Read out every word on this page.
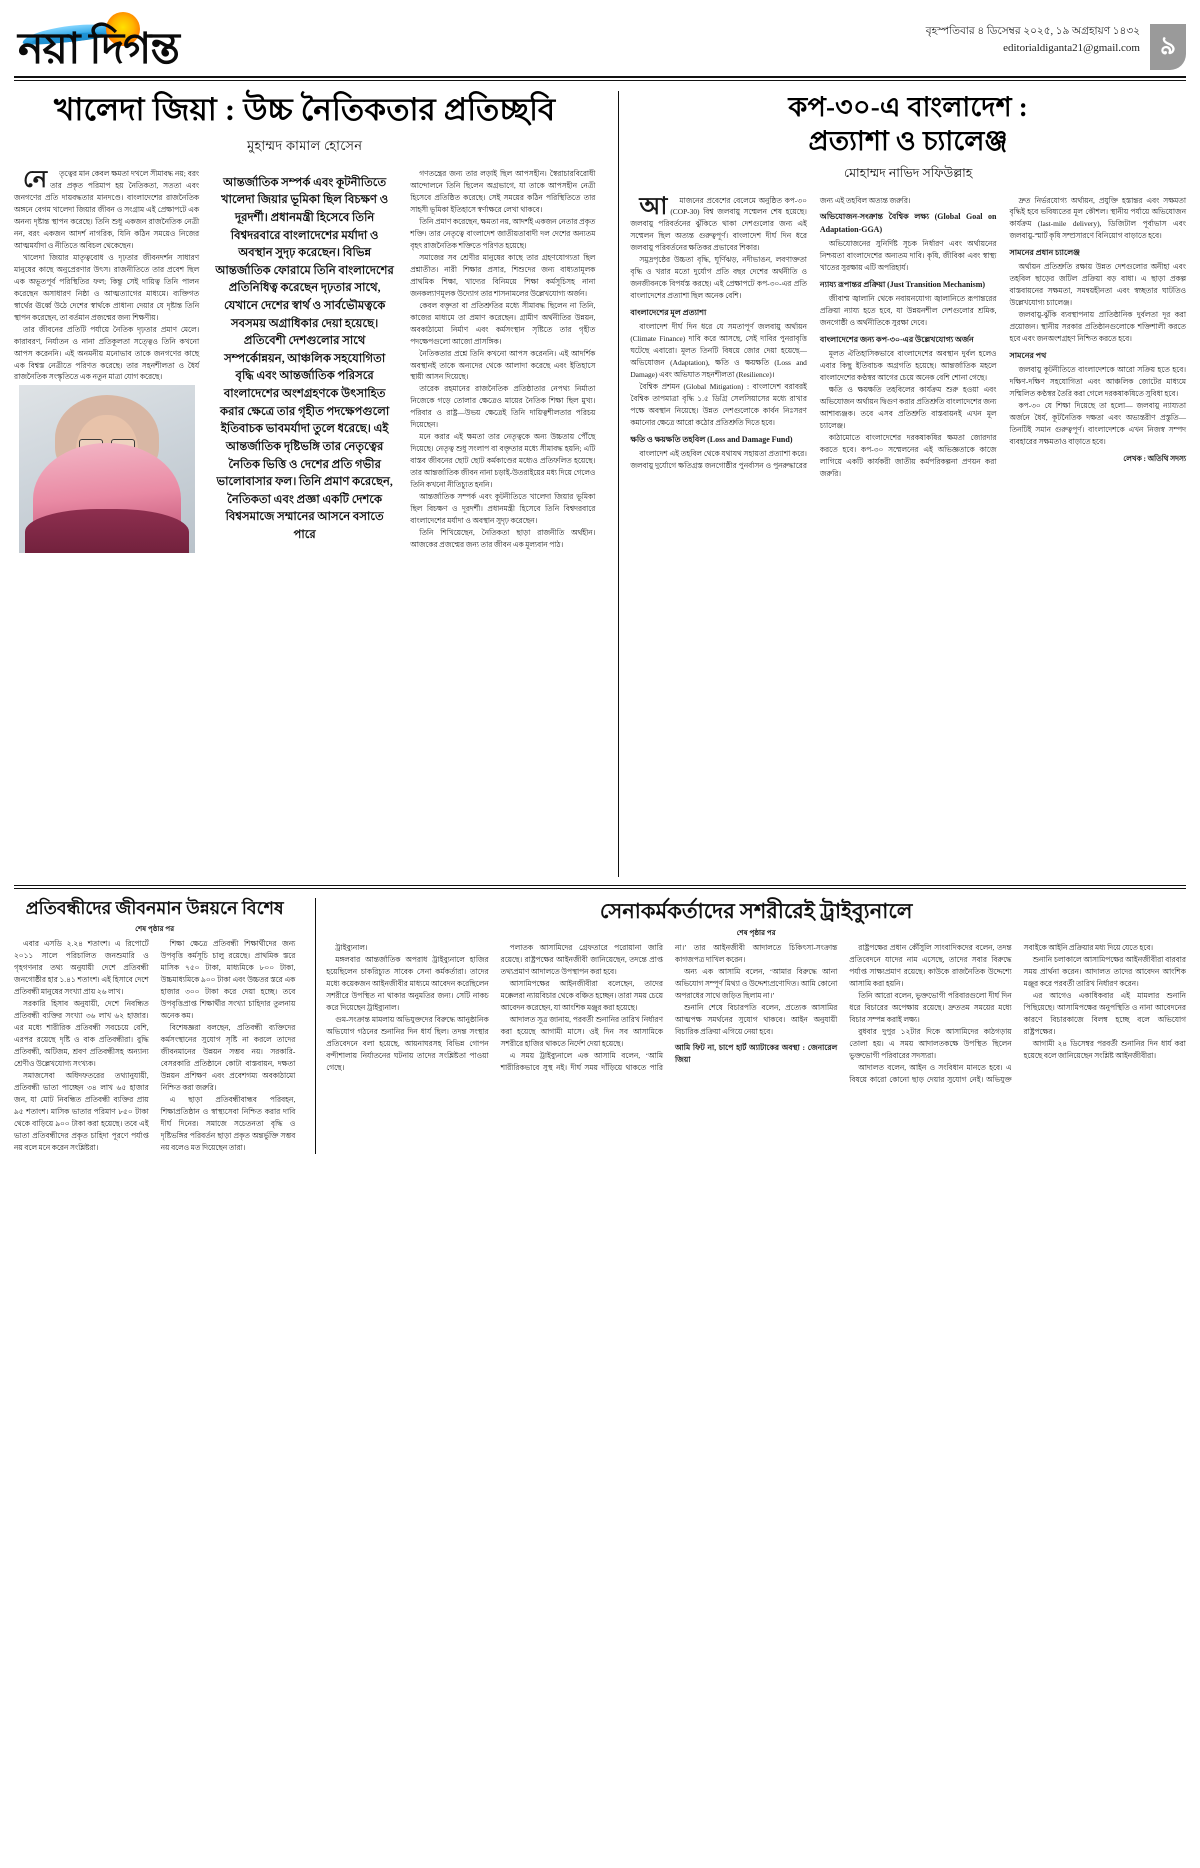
নয়া দিগন্ত	বৃহস্পতিবার ৪ ডিসেম্বর ২০২৫, ১৯ অগ্রহায়ণ ১৪৩২
editorialdiganta21@gmail.com ৯
খালেদা জিয়া : উচ্চ নৈতিকতার প্রতিচ্ছবি
মুহাম্মদ কামাল হোসেন

নেতৃত্বের মান কেবল ক্ষমতা দখলে সীমাবদ্ধ নয়; বরং তার প্রকৃত পরিমাপ হয় নৈতিকতা, সততা এবং জনগণের প্রতি দায়বদ্ধতার মানদণ্ডে। বাংলাদেশের রাজনৈতিক অঙ্গনে বেগম খালেদা জিয়ার জীবন ও সংগ্রাম এই প্রেক্ষাপটে এক অনন্য দৃষ্টান্ত স্থাপন করেছে। তিনি শুধু একজন রাজনৈতিক নেত্রী নন, বরং একজন আদর্শ নাগরিক, যিনি কঠিন সময়েও নিজের আত্মমর্যাদা ও নীতিতে অবিচল থেকেছেন।

খালেদা জিয়ার মাতৃত্ববোধ ও দৃঢ়তার জীবনদর্শন সাধারণ মানুষের কাছে অনুপ্রেরণার উৎস। রাজনীতিতে তার প্রবেশ ছিল এক অভূতপূর্ব পরিস্থিতির ফল; কিন্তু সেই দায়িত্ব তিনি পালন করেছেন অসাধারণ নিষ্ঠা ও আত্মত্যাগের মাধ্যমে। ব্যক্তিগত স্বার্থের ঊর্ধ্বে উঠে দেশের স্বার্থকে প্রাধান্য দেয়ার যে দৃষ্টান্ত তিনি স্থাপন করেছেন, তা বর্তমান প্রজন্মের জন্য শিক্ষণীয়।

তার জীবনের প্রতিটি পর্যায়ে নৈতিক দৃঢ়তার প্রমাণ মেলে। কারাবরণ, নির্যাতন ও নানা প্রতিকূলতা সত্ত্বেও তিনি কখনো আপস করেননি। এই অনমনীয় মনোভাব তাকে জনগণের কাছে এক বিশ্বস্ত নেত্রীতে পরিণত করেছে। তার সহনশীলতা ও ধৈর্য রাজনৈতিক সংস্কৃতিতে এক নতুন মাত্রা যোগ করেছে।

আন্তর্জাতিক সম্পর্ক এবং কূটনীতিতে খালেদা জিয়ার ভূমিকা ছিল বিচক্ষণ ও দূরদর্শী। প্রধানমন্ত্রী হিসেবে তিনি বিশ্বদরবারে বাংলাদেশের মর্যাদা ও অবস্থান সুদৃঢ় করেছেন। বিভিন্ন আন্তর্জাতিক ফোরামে তিনি বাংলাদেশের প্রতিনিধিত্ব করেছেন দৃঢ়তার সাথে, যেখানে দেশের স্বার্থ ও সার্বভৌমত্বকে সবসময় অগ্রাধিকার দেয়া হয়েছে। প্রতিবেশী দেশগুলোর সাথে সম্পর্কোন্নয়ন, আঞ্চলিক সহযোগিতা বৃদ্ধি এবং আন্তর্জাতিক পরিসরে বাংলাদেশের অংশগ্রহণকে উৎসাহিত করার ক্ষেত্রে তার গৃহীত পদক্ষেপগুলো ইতিবাচক ভাবমর্যাদা তুলে ধরেছে। এই আন্তর্জাতিক দৃষ্টিভঙ্গি তার নেতৃত্বের নৈতিক ভিত্তি ও দেশের প্রতি গভীর ভালোবাসার ফল। তিনি প্রমাণ করেছেন, নৈতিকতা এবং প্রজ্ঞা একটি দেশকে বিশ্বসমাজে সম্মানের আসনে বসাতে পারে

গণতন্ত্রের জন্য তার লড়াই ছিল আপসহীন। স্বৈরাচারবিরোধী আন্দোলনে তিনি ছিলেন অগ্রভাগে, যা তাকে আপসহীন নেত্রী হিসেবে প্রতিষ্ঠিত করেছে। সেই সময়ের কঠিন পরিস্থিতিতে তার সাহসী ভূমিকা ইতিহাসে স্বর্ণাক্ষরে লেখা থাকবে।

তিনি প্রমাণ করেছেন, ক্ষমতা নয়, আদর্শই একজন নেতার প্রকৃত শক্তি। তার নেতৃত্বে বাংলাদেশ জাতীয়তাবাদী দল দেশের অন্যতম বৃহৎ রাজনৈতিক শক্তিতে পরিণত হয়েছে।

সমাজের সব শ্রেণীর মানুষের কাছে তার গ্রহণযোগ্যতা ছিল প্রশ্নাতীত। নারী শিক্ষার প্রসার, শিশুদের জন্য বাধ্যতামূলক প্রাথমিক শিক্ষা, খাদ্যের বিনিময়ে শিক্ষা কর্মসূচিসহ নানা জনকল্যাণমূলক উদ্যোগ তার শাসনামলের উল্লেখযোগ্য অর্জন।

কেবল বক্তৃতা বা প্রতিশ্রুতির মধ্যে সীমাবদ্ধ ছিলেন না তিনি, কাজের মাধ্যমে তা প্রমাণ করেছেন। গ্রামীণ অর্থনীতির উন্নয়ন, অবকাঠামো নির্মাণ এবং কর্মসংস্থান সৃষ্টিতে তার গৃহীত পদক্ষেপগুলো আজো প্রাসঙ্গিক।

নৈতিকতার প্রশ্নে তিনি কখনো আপস করেননি। এই আদর্শিক অবস্থানই তাকে অন্যদের থেকে আলাদা করেছে এবং ইতিহাসে স্থায়ী আসন দিয়েছে।

তারেক রহমানের রাজনৈতিক প্রতিষ্ঠাতার নেপথ্য নির্মাতা নিজেকে গড়ে তোলার ক্ষেত্রেও মায়ের নৈতিক শিক্ষা ছিল মুখ্য। পরিবার ও রাষ্ট্র—উভয় ক্ষেত্রেই তিনি দায়িত্বশীলতার পরিচয় দিয়েছেন।

মনে করার এই ক্ষমতা তার নেতৃত্বকে অন্য উচ্চতায় পৌঁছে দিয়েছে। নেতৃত্ব শুধু সংলাপ বা বক্তৃতার মধ্যে সীমাবদ্ধ হয়নি; এটি বাস্তব জীবনের ছোট ছোট কর্মকাণ্ডের মধ্যেও প্রতিফলিত হয়েছে। তার আন্তর্জাতিক জীবন নানা চড়াই-উতরাইয়ের মধ্য দিয়ে গেলেও তিনি কখনো নীতিচ্যুত হননি।

আন্তর্জাতিক সম্পর্ক এবং কূটনীতিতে খালেদা জিয়ার ভূমিকা ছিল বিচক্ষণ ও দূরদর্শী। প্রধানমন্ত্রী হিসেবে তিনি বিশ্বদরবারে বাংলাদেশের মর্যাদা ও অবস্থান সুদৃঢ় করেছেন।

তিনি শিখিয়েছেন, নৈতিকতা ছাড়া রাজনীতি অর্থহীন। আজকের প্রজন্মের জন্য তার জীবন এক মূল্যবান পাঠ।

কপ-৩০-এ বাংলাদেশ :
প্রত্যাশা ও চ্যালেঞ্জ
মোহাম্মদ নাভিদ সফিউল্লাহ

আমাজনের প্রবেশের বেলেমে অনুষ্ঠিত কপ-৩০ (COP-30) বিশ্ব জলবায়ু সম্মেলন শেষ হয়েছে। জলবায়ু পরিবর্তনের ঝুঁকিতে থাকা দেশগুলোর জন্য এই সম্মেলন ছিল অত্যন্ত গুরুত্বপূর্ণ। বাংলাদেশ দীর্ঘ দিন ধরে জলবায়ু পরিবর্তনের ক্ষতিকর প্রভাবের শিকার।

সমুদ্রপৃষ্ঠের উচ্চতা বৃদ্ধি, ঘূর্ণিঝড়, নদীভাঙন, লবণাক্ততা বৃদ্ধি ও খরার মতো দুর্যোগ প্রতি বছর দেশের অর্থনীতি ও জনজীবনকে বিপর্যস্ত করছে। এই প্রেক্ষাপটে কপ-৩০-এর প্রতি বাংলাদেশের প্রত্যাশা ছিল অনেক বেশি।

বাংলাদেশের মূল প্রত্যাশা

বাংলাদেশ দীর্ঘ দিন ধরে যে সমতাপূর্ণ জলবায়ু অর্থায়ন (Climate Finance) দাবি করে আসছে, সেই দাবির পুনরাবৃত্তি ঘটেছে এবারো। মূলত তিনটি বিষয়ে জোর দেয়া হয়েছে— অভিযোজন (Adaptation), ক্ষতি ও ক্ষয়ক্ষতি (Loss and Damage) এবং অভিঘাত সহনশীলতা (Resilience)।

বৈশ্বিক প্রশমন (Global Mitigation) : বাংলাদেশ বরাবরই বৈশ্বিক তাপমাত্রা বৃদ্ধি ১.৫ ডিগ্রি সেলসিয়াসের মধ্যে রাখার পক্ষে অবস্থান নিয়েছে। উন্নত দেশগুলোকে কার্বন নিঃসরণ কমানোর ক্ষেত্রে আরো কঠোর প্রতিশ্রুতি দিতে হবে।

ক্ষতি ও ক্ষয়ক্ষতি তহবিল (Loss and Damage Fund)

বাংলাদেশ এই তহবিল থেকে যথাযথ সহায়তা প্রত্যাশা করে। জলবায়ু দুর্যোগে ক্ষতিগ্রস্ত জনগোষ্ঠীর পুনর্বাসন ও পুনরুদ্ধারের জন্য এই তহবিল অত্যন্ত জরুরি।

অভিযোজন-সংক্রান্ত বৈশ্বিক লক্ষ্য (Global Goal on Adaptation-GGA)

অভিযোজনের সুনির্দিষ্ট সূচক নির্ধারণ এবং অর্থায়নের নিশ্চয়তা বাংলাদেশের অন্যতম দাবি। কৃষি, জীবিকা এবং স্বাস্থ্য খাতের সুরক্ষায় এটি অপরিহার্য।

ন্যায্য রূপান্তর প্রক্রিয়া (Just Transition Mechanism)

জীবাশ্ম জ্বালানি থেকে নবায়নযোগ্য জ্বালানিতে রূপান্তরের প্রক্রিয়া ন্যায্য হতে হবে, যা উন্নয়নশীল দেশগুলোর শ্রমিক, জনগোষ্ঠী ও অর্থনীতিকে সুরক্ষা দেবে।

বাংলাদেশের জন্য কপ-৩০-এর উল্লেখযোগ্য অর্জন

মূলত ঐতিহাসিকভাবে বাংলাদেশের অবস্থান দুর্বল হলেও এবার কিছু ইতিবাচক অগ্রগতি হয়েছে। আন্তর্জাতিক মহলে বাংলাদেশের কণ্ঠস্বর আগের চেয়ে অনেক বেশি শোনা গেছে।

ক্ষতি ও ক্ষয়ক্ষতি তহবিলের কার্যক্রম শুরু হওয়া এবং অভিযোজন অর্থায়ন দ্বিগুণ করার প্রতিশ্রুতি বাংলাদেশের জন্য আশাব্যঞ্জক। তবে এসব প্রতিশ্রুতি বাস্তবায়নই এখন মূল চ্যালেঞ্জ।

কাঠামোতে বাংলাদেশের দরকষাকষির ক্ষমতা জোরদার করতে হবে। কপ-৩০ সম্মেলনের এই অভিজ্ঞতাকে কাজে লাগিয়ে একটি কার্যকরী জাতীয় কর্মপরিকল্পনা প্রণয়ন করা জরুরি।

দ্রুত নির্ভরযোগ্য অর্থায়ন, প্রযুক্তি হস্তান্তর এবং সক্ষমতা বৃদ্ধিই হবে ভবিষ্যতের মূল কৌশল। স্থানীয় পর্যায়ে অভিযোজন কার্যক্রম (last-mile delivery), ডিজিটাল পূর্বাভাস এবং জলবায়ু-স্মার্ট কৃষি সম্প্রসারণে বিনিয়োগ বাড়াতে হবে।

সামনের প্রধান চ্যালেঞ্জ

অর্থায়ন প্রতিশ্রুতি রক্ষায় উন্নত দেশগুলোর অনীহা এবং তহবিল ছাড়ের জটিল প্রক্রিয়া বড় বাধা। এ ছাড়া প্রকল্প বাস্তবায়নের সক্ষমতা, সমন্বয়হীনতা এবং স্বচ্ছতার ঘাটতিও উল্লেখযোগ্য চ্যালেঞ্জ।

জলবায়ু-ঝুঁকি ব্যবস্থাপনায় প্রাতিষ্ঠানিক দুর্বলতা দূর করা প্রয়োজন। স্থানীয় সরকার প্রতিষ্ঠানগুলোকে শক্তিশালী করতে হবে এবং জনঅংশগ্রহণ নিশ্চিত করতে হবে।

সামনের পথ

জলবায়ু কূটনীতিতে বাংলাদেশকে আরো সক্রিয় হতে হবে। দক্ষিণ-দক্ষিণ সহযোগিতা এবং আঞ্চলিক জোটের মাধ্যমে সম্মিলিত কণ্ঠস্বর তৈরি করা গেলে দরকষাকষিতে সুবিধা হবে।

কপ-৩০ যে শিক্ষা দিয়েছে তা হলো— জলবায়ু ন্যায্যতা অর্জনে ধৈর্য, কূটনৈতিক দক্ষতা এবং অভ্যন্তরীণ প্রস্তুতি— তিনটিই সমান গুরুত্বপূর্ণ। বাংলাদেশকে এখন নিজস্ব সম্পদ ব্যবহারের সক্ষমতাও বাড়াতে হবে।

লেখক : অতিথি সদস্য
প্রতিবন্ধীদের জীবনমান উন্নয়নে বিশেষ
শেষ পৃষ্ঠার পর

এবার এসডি ২.২৪ শতাংশ। এ রিপোর্টে ২০১১ সালে পরিচালিত জনশুমারি ও গৃহগণনার তথ্য অনুযায়ী দেশে প্রতিবন্ধী জনগোষ্ঠীর হার ১.৪১ শতাংশ। এই হিসাবে দেশে প্রতিবন্ধী মানুষের সংখ্যা প্রায় ২৬ লাখ।

সরকারি হিসাব অনুযায়ী, দেশে নিবন্ধিত প্রতিবন্ধী ব্যক্তির সংখ্যা ৩৬ লাখ ৬২ হাজার। এর মধ্যে শারীরিক প্রতিবন্ধী সবচেয়ে বেশি, এরপর রয়েছে দৃষ্টি ও বাক প্রতিবন্ধীরা। বুদ্ধি প্রতিবন্ধী, অটিজম, শ্রবণ প্রতিবন্ধীসহ অন্যান্য শ্রেণীও উল্লেখযোগ্য সংখ্যক।

সমাজসেবা অধিদফতরের তথ্যানুযায়ী, প্রতিবন্ধী ভাতা পাচ্ছেন ৩৪ লাখ ৬৫ হাজার জন, যা মোট নিবন্ধিত প্রতিবন্ধী ব্যক্তির প্রায় ৯৫ শতাংশ। মাসিক ভাতার পরিমাণ ৮৫০ টাকা থেকে বাড়িয়ে ৯০০ টাকা করা হয়েছে। তবে এই ভাতা প্রতিবন্ধীদের প্রকৃত চাহিদা পূরণে পর্যাপ্ত নয় বলে মনে করেন সংশ্লিষ্টরা।

শিক্ষা ক্ষেত্রে প্রতিবন্ধী শিক্ষার্থীদের জন্য উপবৃত্তি কর্মসূচি চালু রয়েছে। প্রাথমিক স্তরে মাসিক ৭৫০ টাকা, মাধ্যমিকে ৮০০ টাকা, উচ্চমাধ্যমিকে ৯০০ টাকা এবং উচ্চতর স্তরে এক হাজার ৩০০ টাকা করে দেয়া হচ্ছে। তবে উপবৃত্তিপ্রাপ্ত শিক্ষার্থীর সংখ্যা চাহিদার তুলনায় অনেক কম।

বিশেষজ্ঞরা বলছেন, প্রতিবন্ধী ব্যক্তিদের কর্মসংস্থানের সুযোগ সৃষ্টি না করলে তাদের জীবনমানের উন্নয়ন সম্ভব নয়। সরকারি-বেসরকারি প্রতিষ্ঠানে কোটা বাস্তবায়ন, দক্ষতা উন্নয়ন প্রশিক্ষণ এবং প্রবেশগম্য অবকাঠামো নিশ্চিত করা জরুরি।

এ ছাড়া প্রতিবন্ধীবান্ধব পরিবহন, শিক্ষাপ্রতিষ্ঠান ও স্বাস্থ্যসেবা নিশ্চিত করার দাবি দীর্ঘ দিনের। সমাজে সচেতনতা বৃদ্ধি ও দৃষ্টিভঙ্গির পরিবর্তন ছাড়া প্রকৃত অন্তর্ভুক্তি সম্ভব নয় বলেও মত দিয়েছেন তারা।

সেনাকর্মকর্তাদের সশরীরেই ট্রাইব্যুনালে
শেষ পৃষ্ঠার পর

ট্রাইব্যুনাল।

মঙ্গলবার আন্তর্জাতিক অপরাধ ট্রাইব্যুনালে হাজির হয়েছিলেন চাকরিচ্যুত সাবেক সেনা কর্মকর্তারা। তাদের মধ্যে কয়েকজন আইনজীবীর মাধ্যমে আবেদন করেছিলেন সশরীরে উপস্থিত না থাকার অনুমতির জন্য। সেটি নাকচ করে দিয়েছেন ট্রাইব্যুনাল।

গুম-সংক্রান্ত মামলায় অভিযুক্তদের বিরুদ্ধে আনুষ্ঠানিক অভিযোগ গঠনের শুনানির দিন ধার্য ছিল। তদন্ত সংস্থার প্রতিবেদনে বলা হয়েছে, আয়নাঘরসহ বিভিন্ন গোপন বন্দীশালায় নির্যাতনের ঘটনায় তাদের সংশ্লিষ্টতা পাওয়া গেছে।

পলাতক আসামিদের গ্রেফতারে পরোয়ানা জারি রয়েছে। রাষ্ট্রপক্ষের আইনজীবী জানিয়েছেন, তদন্তে প্রাপ্ত তথ্যপ্রমাণ আদালতে উপস্থাপন করা হবে।

আসামিপক্ষের আইনজীবীরা বলেছেন, তাদের মক্কেলরা ন্যায়বিচার থেকে বঞ্চিত হচ্ছেন। তারা সময় চেয়ে আবেদন করেছেন, যা আংশিক মঞ্জুর করা হয়েছে।

আদালত সূত্র জানায়, পরবর্তী শুনানির তারিখ নির্ধারণ করা হয়েছে আগামী মাসে। ওই দিন সব আসামিকে সশরীরে হাজির থাকতে নির্দেশ দেয়া হয়েছে।

এ সময় ট্রাইব্যুনালে এক আসামি বলেন, ‘আমি শারীরিকভাবে সুস্থ নই। দীর্ঘ সময় দাঁড়িয়ে থাকতে পারি না।’ তার আইনজীবী আদালতে চিকিৎসা-সংক্রান্ত কাগজপত্র দাখিল করেন।

অন্য এক আসামি বলেন, ‘আমার বিরুদ্ধে আনা অভিযোগ সম্পূর্ণ মিথ্যা ও উদ্দেশ্যপ্রণোদিত। আমি কোনো অপরাধের সাথে জড়িত ছিলাম না।’

শুনানি শেষে বিচারপতি বলেন, প্রত্যেক আসামির আত্মপক্ষ সমর্থনের সুযোগ থাকবে। আইন অনুযায়ী বিচারিক প্রক্রিয়া এগিয়ে নেয়া হবে।

আমি ফিট না, চাপে হার্ট অ্যাটাকের অবস্থা : জেনারেল জিয়া

রাষ্ট্রপক্ষের প্রধান কৌঁসুলি সাংবাদিকদের বলেন, তদন্ত প্রতিবেদনে যাদের নাম এসেছে, তাদের সবার বিরুদ্ধে পর্যাপ্ত সাক্ষ্যপ্রমাণ রয়েছে। কাউকে রাজনৈতিক উদ্দেশ্যে আসামি করা হয়নি।

তিনি আরো বলেন, ভুক্তভোগী পরিবারগুলো দীর্ঘ দিন ধরে বিচারের অপেক্ষায় রয়েছে। দ্রুততম সময়ের মধ্যে বিচার সম্পন্ন করাই লক্ষ্য।

বুধবার দুপুর ১২টার দিকে আসামিদের কাঠগড়ায় তোলা হয়। এ সময় আদালতকক্ষে উপস্থিত ছিলেন ভুক্তভোগী পরিবারের সদস্যরা।

আদালত বলেন, আইন ও সংবিধান মানতে হবে। এ বিষয়ে কারো কোনো ছাড় দেয়ার সুযোগ নেই। অভিযুক্ত সবাইকে আইনি প্রক্রিয়ার মধ্য দিয়ে যেতে হবে।

শুনানি চলাকালে আসামিপক্ষের আইনজীবীরা বারবার সময় প্রার্থনা করেন। আদালত তাদের আবেদন আংশিক মঞ্জুর করে পরবর্তী তারিখ নির্ধারণ করেন।

এর আগেও একাধিকবার এই মামলার শুনানি পিছিয়েছে। আসামিপক্ষের অনুপস্থিতি ও নানা আবেদনের কারণে বিচারকাজে বিলম্ব হচ্ছে বলে অভিযোগ রাষ্ট্রপক্ষের।

আগামী ২৪ ডিসেম্বর পরবর্তী শুনানির দিন ধার্য করা হয়েছে বলে জানিয়েছেন সংশ্লিষ্ট আইনজীবীরা।
